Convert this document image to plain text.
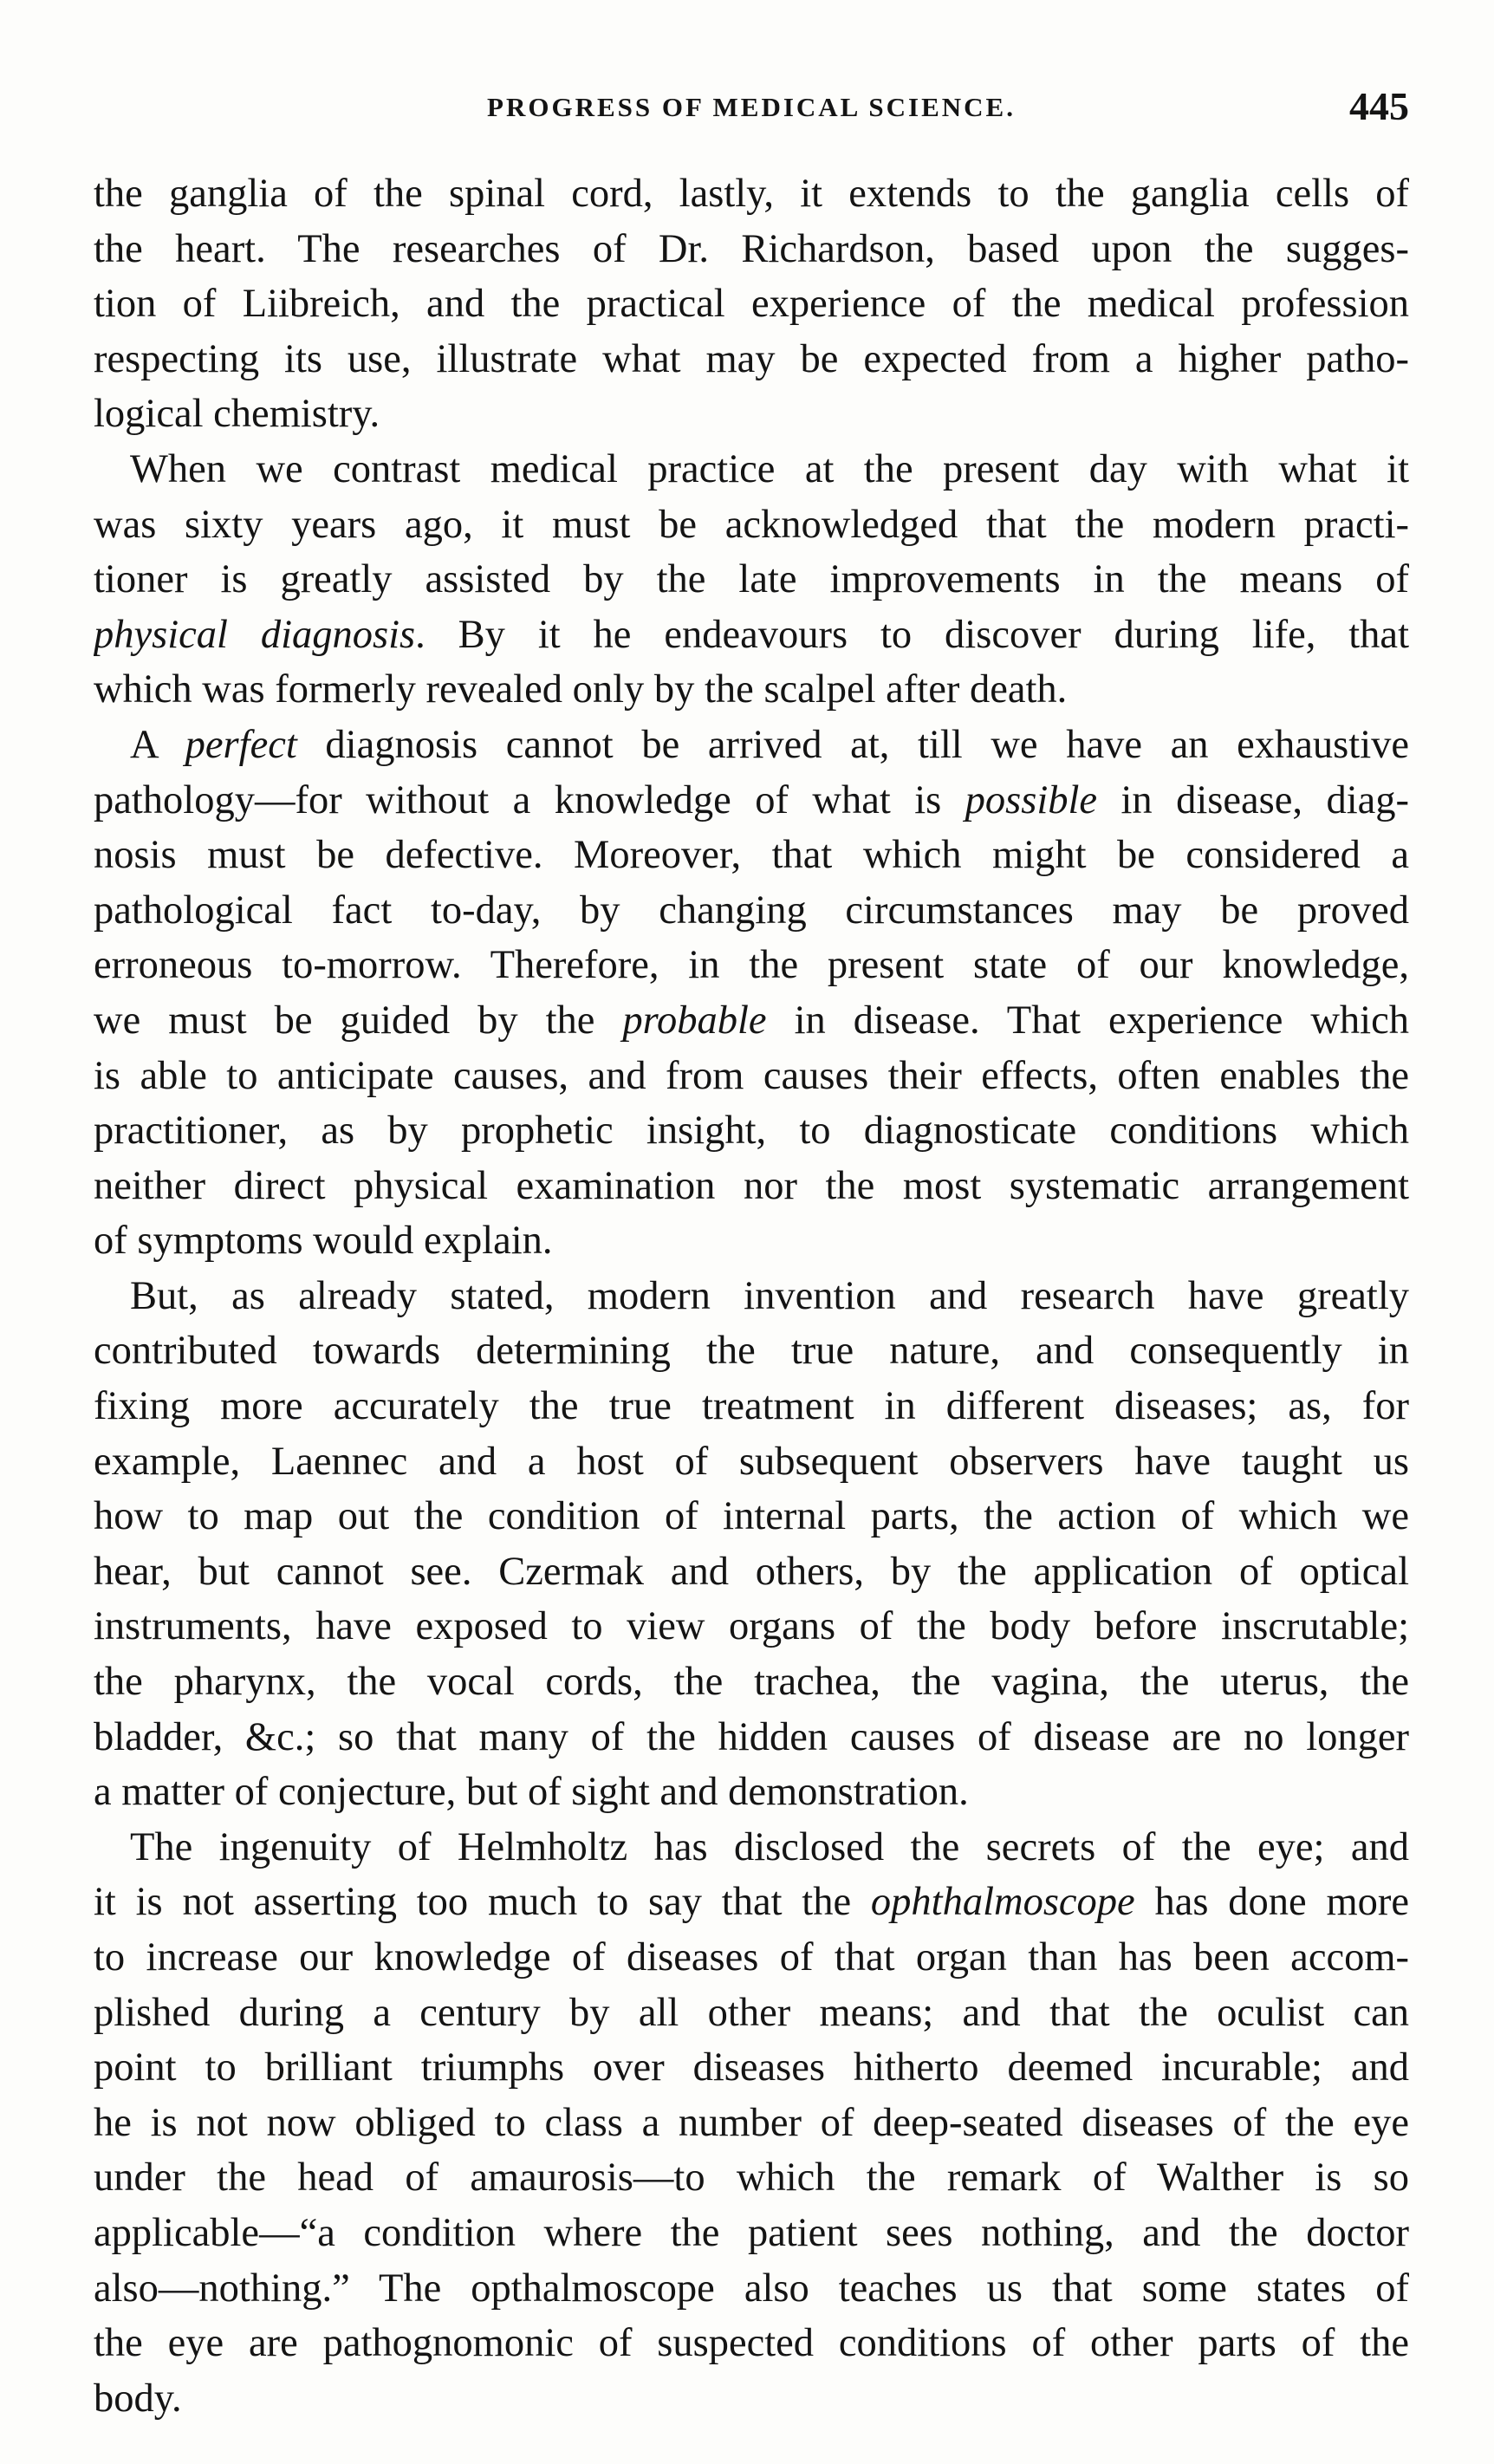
PROGRESS OF MEDICAL SCIENCE.	445
the ganglia of the spinal cord, lastly, it extends to the ganglia cells of
the heart. The researches of Dr. Richardson, based upon the sugges-
tion of Liibreich, and the practical experience of the medical profession
respecting its use, illustrate what may be expected from a higher patho-
logical chemistry.
When we contrast medical practice at the present day with what it
was sixty years ago, it must be acknowledged that the modern practi-
tioner is greatly assisted by the late improvements in the means of
physical diagnosis. By it he endeavours to discover during life, that
which was formerly revealed only by the scalpel after death.
A perfect diagnosis cannot be arrived at, till we have an exhaustive
pathology—for without a knowledge of what is possible in disease, diag-
nosis must be defective. Moreover, that which might be considered a
pathological fact to-day, by changing circumstances may be proved
erroneous to-morrow. Therefore, in the present state of our knowledge,
we must be guided by the probable in disease. That experience which
is able to anticipate causes, and from causes their effects, often enables the
practitioner, as by prophetic insight, to diagnosticate conditions which
neither direct physical examination nor the most systematic arrangement
of symptoms would explain.
But, as already stated, modern invention and research have greatly
contributed towards determining the true nature, and consequently in
fixing more accurately the true treatment in different diseases; as, for
example, Laennec and a host of subsequent observers have taught us
how to map out the condition of internal parts, the action of which we
hear, but cannot see. Czermak and others, by the application of optical
instruments, have exposed to view organs of the body before inscrutable;
the pharynx, the vocal cords, the trachea, the vagina, the uterus, the
bladder, &c.; so that many of the hidden causes of disease are no longer
a matter of conjecture, but of sight and demonstration.
The ingenuity of Helmholtz has disclosed the secrets of the eye; and
it is not asserting too much to say that the ophthalmoscope has done more
to increase our knowledge of diseases of that organ than has been accom-
plished during a century by all other means; and that the oculist can
point to brilliant triumphs over diseases hitherto deemed incurable; and
he is not now obliged to class a number of deep-seated diseases of the eye
under the head of amaurosis—to which the remark of Walther is so
applicable—“a condition where the patient sees nothing, and the doctor
also—nothing.” The opthalmoscope also teaches us that some states of
the eye are pathognomonic of suspected conditions of other parts of the
body.
